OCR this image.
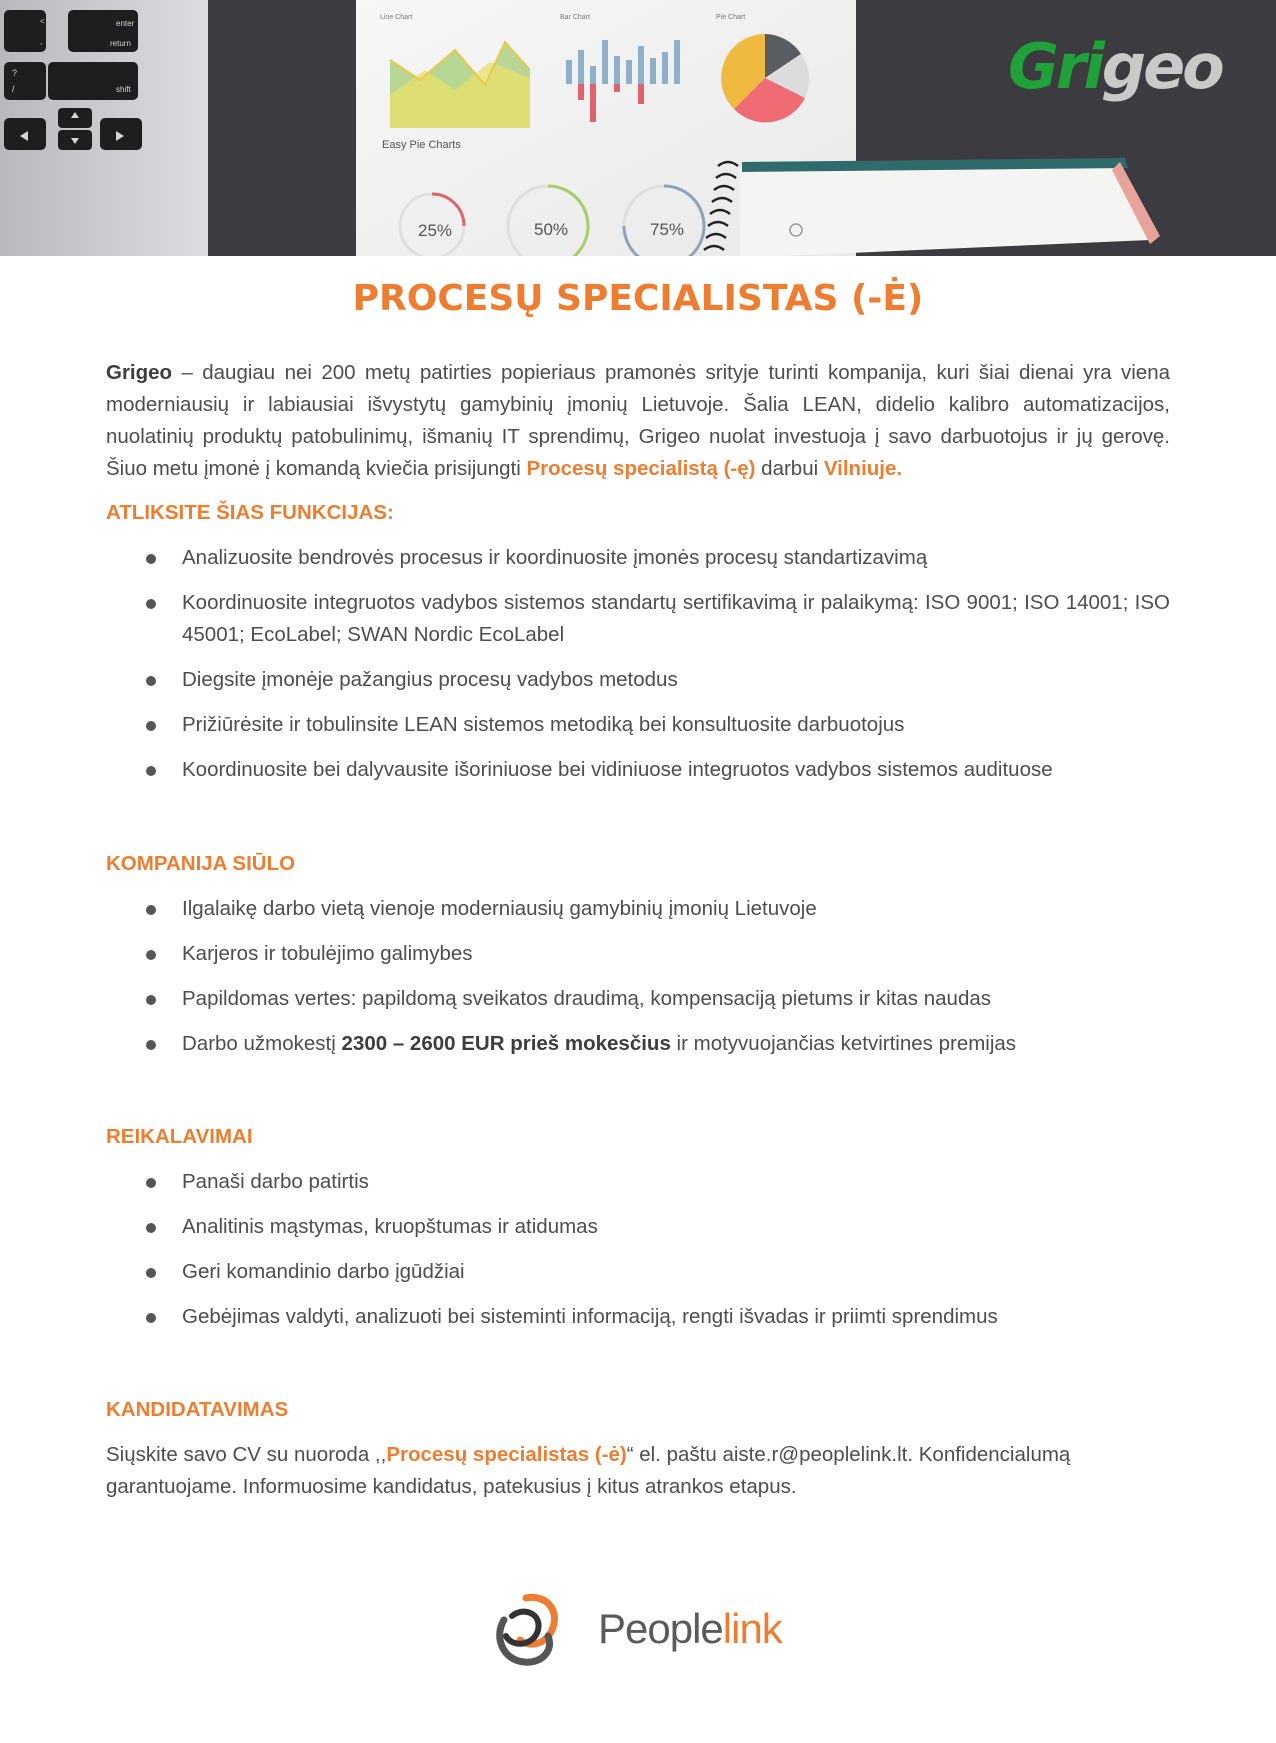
enter
return
shift
<
,
?
/
Line Chart	Bar Chart	Pie Chart
Easy Pie Charts
25%	50%	75%
Grigeo
PROCESŲ SPECIALISTAS (-Ė)
Grigeo – daugiau nei 200 metų patirties popieriaus pramonės srityje turinti kompanija, kuri šiai dienai yra viena moderniausių ir labiausiai išvystytų gamybinių įmonių Lietuvoje. Šalia LEAN, didelio kalibro automatizacijos, nuolatinių produktų patobulinimų, išmanių IT sprendimų, Grigeo nuolat investuoja į savo darbuotojus ir jų gerovę. Šiuo metu įmonė į komandą kviečia prisijungti Procesų specialistą (-ę) darbui Vilniuje.
ATLIKSITE ŠIAS FUNKCIJAS:
Analizuosite bendrovės procesus ir koordinuosite įmonės procesų standartizavimą
Koordinuosite integruotos vadybos sistemos standartų sertifikavimą ir palaikymą: ISO 9001; ISO 14001; ISO 45001; EcoLabel; SWAN Nordic EcoLabel
Diegsite įmonėje pažangius procesų vadybos metodus
Prižiūrėsite ir tobulinsite LEAN sistemos metodiką bei konsultuosite darbuotojus
Koordinuosite bei dalyvausite išoriniuose bei vidiniuose integruotos vadybos sistemos audituose
KOMPANIJA SIŪLO
Ilgalaikę darbo vietą vienoje moderniausių gamybinių įmonių Lietuvoje
Karjeros ir tobulėjimo galimybes
Papildomas vertes: papildomą sveikatos draudimą, kompensaciją pietums ir kitas naudas
Darbo užmokestį 2300 – 2600 EUR prieš mokesčius ir motyvuojančias ketvirtines premijas
REIKALAVIMAI
Panaši darbo patirtis
Analitinis mąstymas, kruopštumas ir atidumas
Geri komandinio darbo įgūdžiai
Gebėjimas valdyti, analizuoti bei sisteminti informaciją, rengti išvadas ir priimti sprendimus
KANDIDATAVIMAS
Siųskite savo CV su nuoroda ,,Procesų specialistas (-ė)“ el. paštu aiste.r@peoplelink.lt. Konfidencialumą garantuojame. Informuosime kandidatus, patekusius į kitus atrankos etapus.
Peoplelink
